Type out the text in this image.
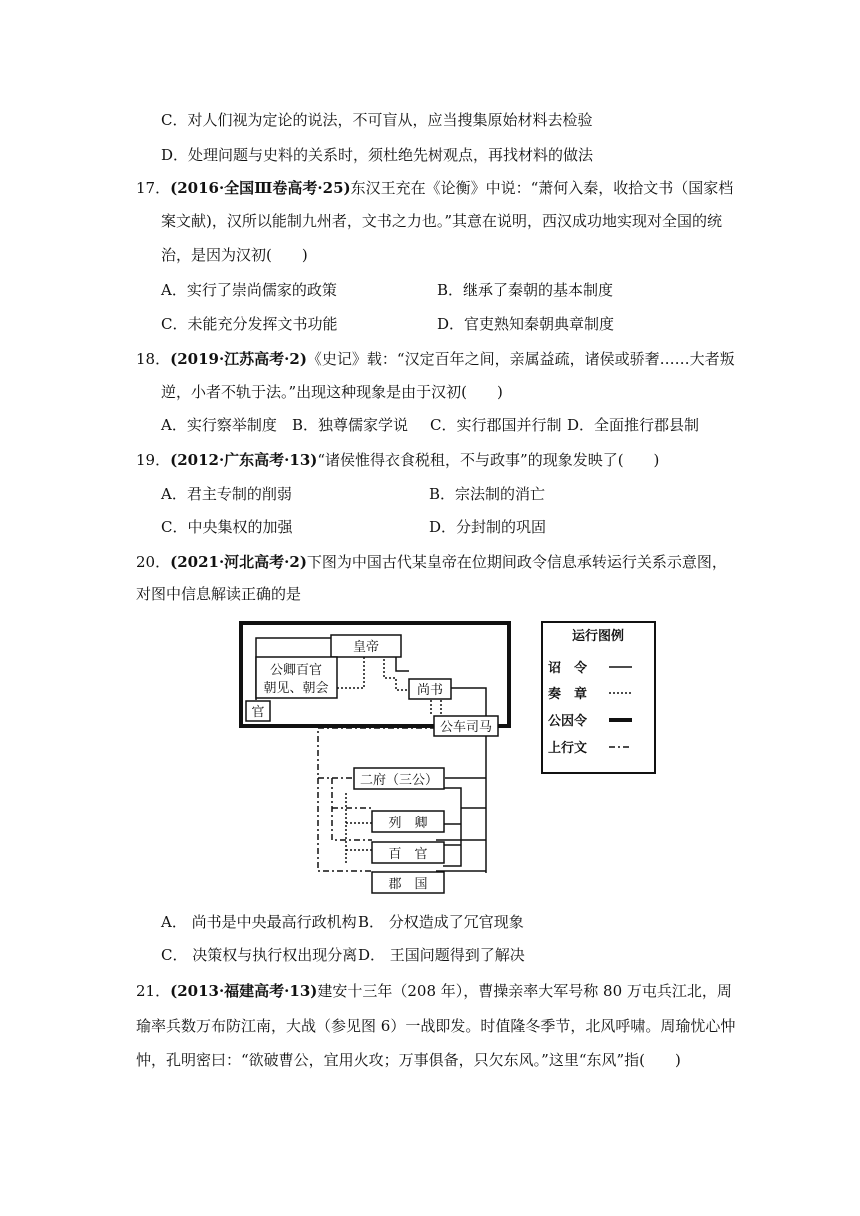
C．对人们视为定论的说法，不可盲从，应当搜集原始材料去检验
D．处理问题与史料的关系时，须杜绝先树观点，再找材料的做法
17．(2016·全国Ⅲ卷高考·25)东汉王充在《论衡》中说：“萧何入秦，收拾文书（国家档
案文献)，汉所以能制九州者，文书之力也。”其意在说明，西汉成功地实现对全国的统
治，是因为汉初(　　)
A．实行了崇尚儒家的政策	B．继承了秦朝的基本制度
C．未能充分发挥文书功能	D．官吏熟知秦朝典章制度
18．(2019·江苏高考·2)《史记》载：“汉定百年之间，亲属益疏，诸侯或骄奢……大者叛
逆，小者不轨于法。”出现这种现象是由于汉初(　　)
A．实行察举制度 B．独尊儒家学说 C．实行郡国并行制 D．全面推行郡县制
19．(2012·广东高考·13)“诸侯惟得衣食税租，不与政事”的现象发映了(　　)
A．君主专制的削弱	B．宗法制的消亡
C．中央集权的加强	D．分封制的巩固
20．(2021·河北高考·2)下图为中国古代某皇帝在位期间政令信息承转运行关系示意图，
对图中信息解读正确的是
皇帝
公卿百官
朝见、朝会
官
尚书
公车司马
二府（三公）
列　卿
百　官
郡　国
运行图例
诏　令
奏　章
公因令
上行文
A． 尚书是中央最高行政机构 B． 分权造成了冗官现象
C． 决策权与执行权出现分离 D． 王国问题得到了解决
21．(2013·福建高考·13)建安十三年（208 年），曹操亲率大军号称 80 万屯兵江北，周
瑜率兵数万布防江南，大战（参见图 6）一战即发。时值隆冬季节，北风呼啸。周瑜忧心忡
忡，孔明密曰：“欲破曹公，宜用火攻；万事俱备，只欠东风。”这里“东风”指(　　)
